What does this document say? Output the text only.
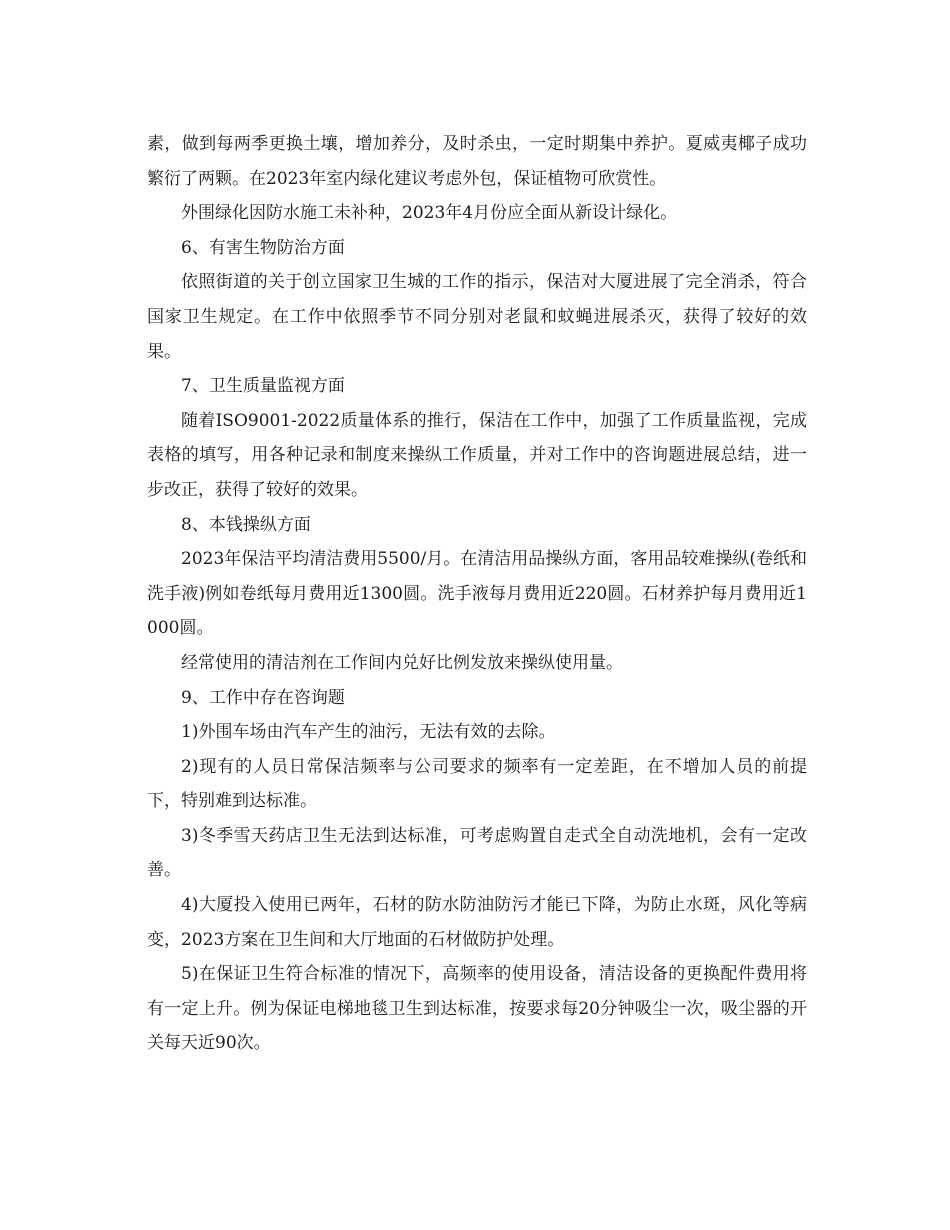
素，做到每两季更换土壤，增加养分，及时杀虫，一定时期集中养护。夏威夷椰子成功繁衍了两颗。在2023年室内绿化建议考虑外包，保证植物可欣赏性。

外围绿化因防水施工未补种，2023年4月份应全面从新设计绿化。

6、有害生物防治方面

依照街道的关于创立国家卫生城的工作的指示，保洁对大厦进展了完全消杀，符合国家卫生规定。在工作中依照季节不同分别对老鼠和蚊蝇进展杀灭，获得了较好的效果。

7、卫生质量监视方面

随着ISO9001-2022质量体系的推行，保洁在工作中，加强了工作质量监视，完成表格的填写，用各种记录和制度来操纵工作质量，并对工作中的咨询题进展总结，进一步改正，获得了较好的效果。

8、本钱操纵方面

2023年保洁平均清洁费用5500/月。在清洁用品操纵方面，客用品较难操纵(卷纸和洗手液)例如卷纸每月费用近1300圆。洗手液每月费用近220圆。石材养护每月费用近1000圆。

经常使用的清洁剂在工作间内兑好比例发放来操纵使用量。

9、工作中存在咨询题

1)外围车场由汽车产生的油污，无法有效的去除。

2)现有的人员日常保洁频率与公司要求的频率有一定差距，在不增加人员的前提下，特别难到达标准。

3)冬季雪天药店卫生无法到达标准，可考虑购置自走式全自动洗地机，会有一定改善。

4)大厦投入使用已两年，石材的防水防油防污才能已下降，为防止水斑，风化等病变，2023方案在卫生间和大厅地面的石材做防护处理。

5)在保证卫生符合标准的情况下，高频率的使用设备，清洁设备的更换配件费用将有一定上升。例为保证电梯地毯卫生到达标准，按要求每20分钟吸尘一次，吸尘器的开关每天近90次。
